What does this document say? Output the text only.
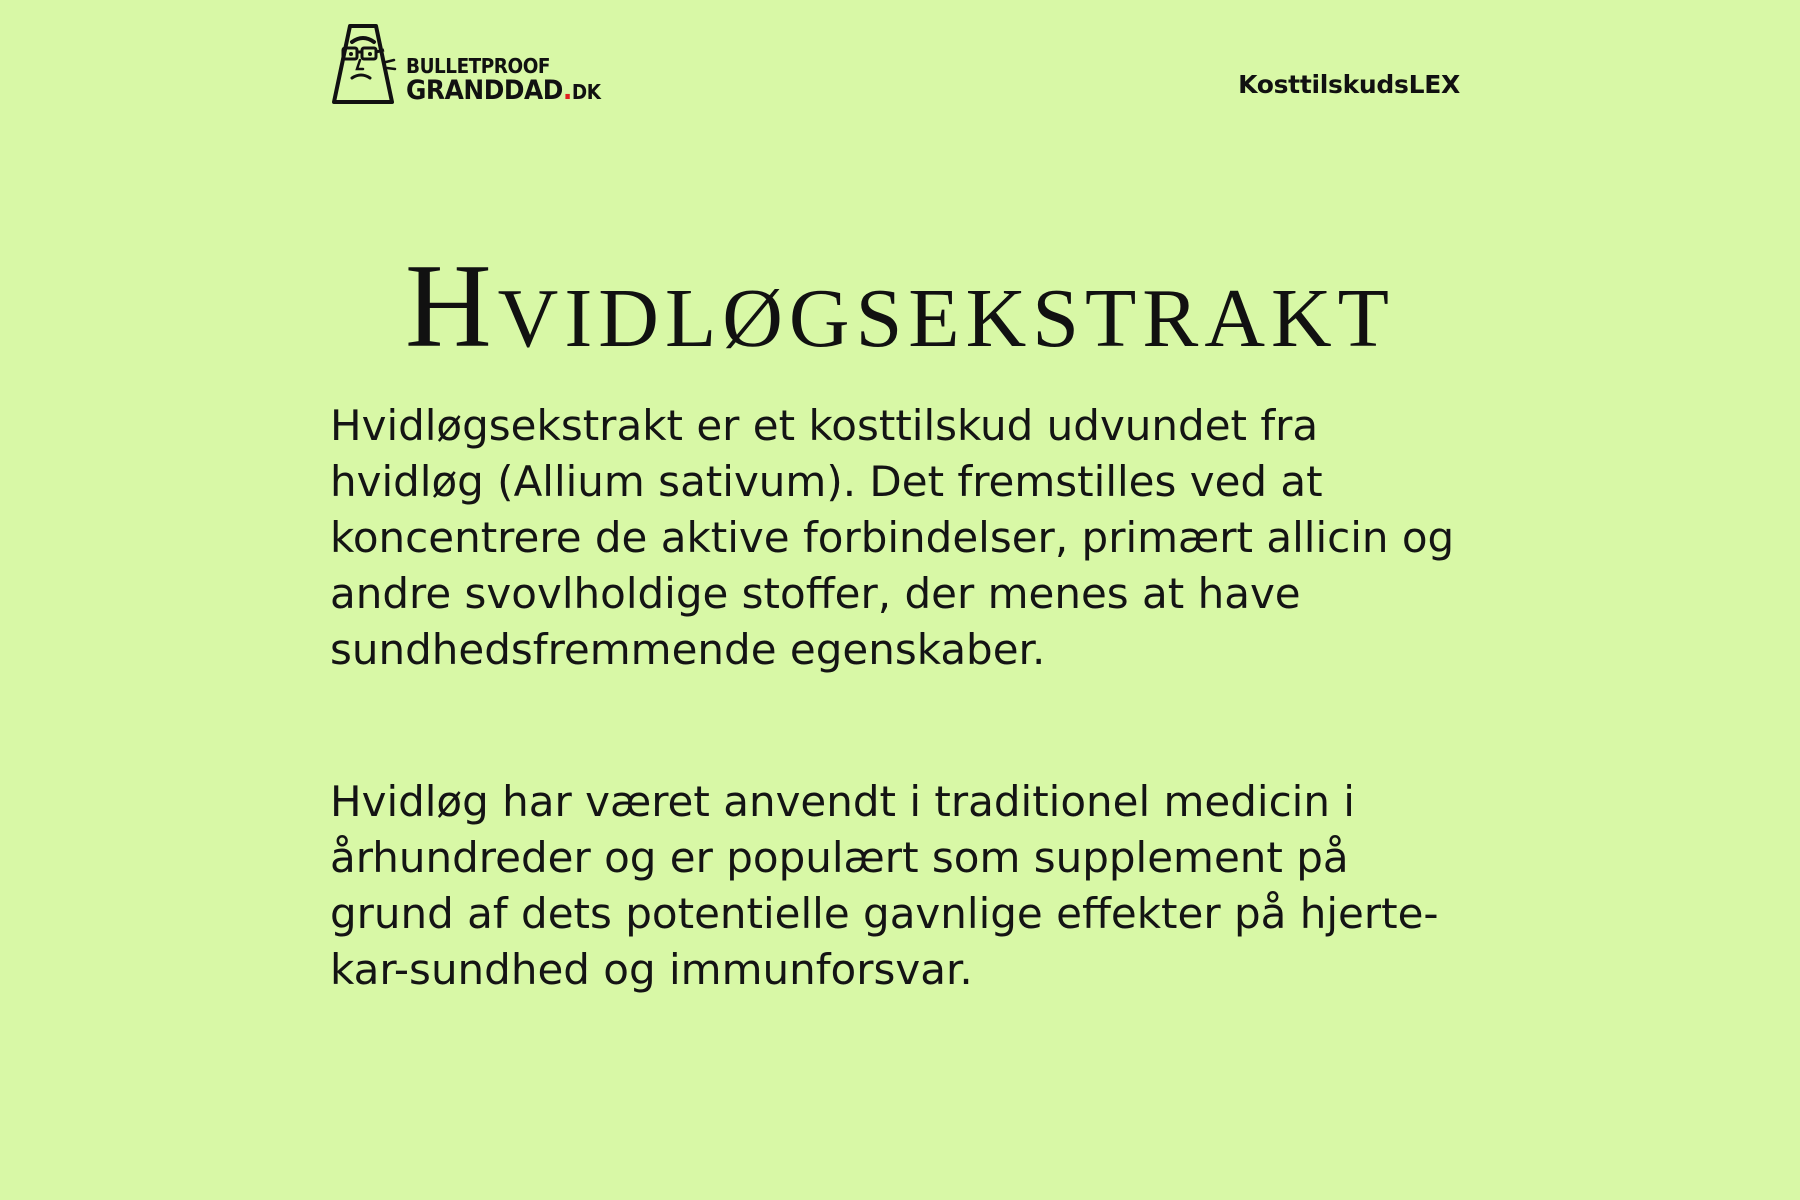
BULLETPROOF
GRANDDAD.DK	KosttilskudsLEX
Hvidløgsekstrakt

Hvidløgsekstrakt er et kosttilskud udvundet fra hvidløg (Allium sativum). Det fremstilles ved at koncentrere de aktive forbindelser, primært allicin og andre svovlholdige stoffer, der menes at have sundhedsfremmende egenskaber.

Hvidløg har været anvendt i traditionel medicin i århundreder og er populært som supplement på grund af dets potentielle gavnlige effekter på hjerte-kar-sundhed og immunforsvar.
